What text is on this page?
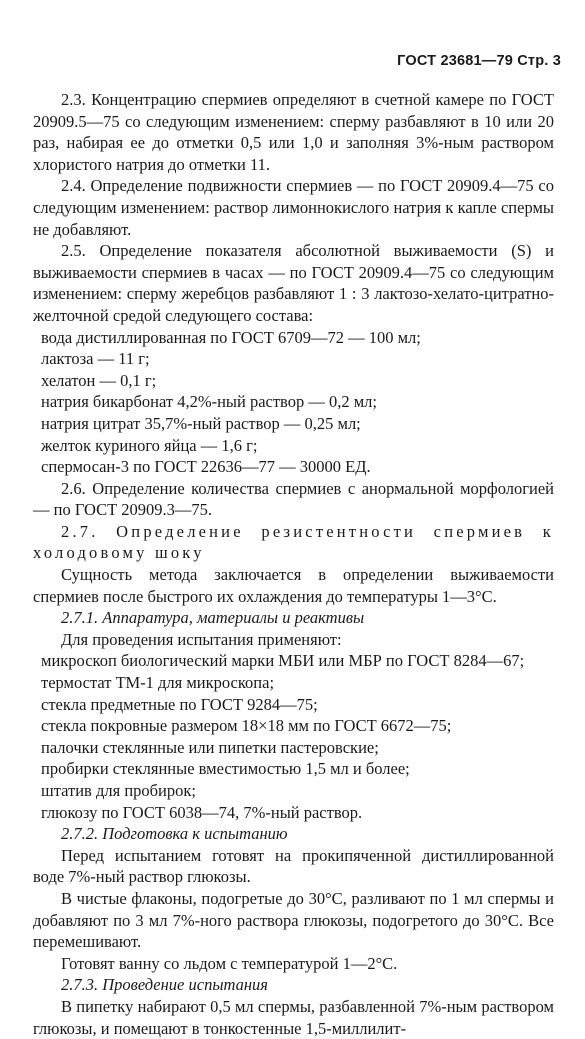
ГОСТ 23681—79 Стр. 3

2.3. Концентрацию спермиев определяют в счетной камере по ГОСТ 20909.5—75 со следующим изменением: сперму разбавляют в 10 или 20 раз, набирая ее до отметки 0,5 или 1,0 и заполняя 3%-ным раствором хлористого натрия до отметки 11.

2.4. Определение подвижности спермиев — по ГОСТ 20909.4—75 со следующим изменением: раствор лимоннокислого натрия к капле спермы не добавляют.

2.5. Определение показателя абсолютной выживаемости (S) и выживаемости спермиев в часах — по ГОСТ 20909.4—75 со следующим изменением: сперму жеребцов разбавляют 1 : 3 лактозо-хелато-цитратно-желточной средой следующего состава:

вода дистиллированная по ГОСТ 6709—72 — 100 мл;

лактоза — 11 г;

хелатон — 0,1 г;

натрия бикарбонат 4,2%-ный раствор — 0,2 мл;

натрия цитрат 35,7%-ный раствор — 0,25 мл;

желток куриного яйца — 1,6 г;

спермосан-3 по ГОСТ 22636—77 — 30000 ЕД.

2.6. Определение количества спермиев с анормальной морфологией — по ГОСТ 20909.3—75.

2.7. Определение резистентности спермиев к холодовому шоку

Сущность метода заключается в определении выживаемости спермиев после быстрого их охлаждения до температуры 1—3°С.

2.7.1. Аппаратура, материалы и реактивы

Для проведения испытания применяют:

микроскоп биологический марки МБИ или МБР по ГОСТ 8284—67;

термостат ТМ-1 для микроскопа;

стекла предметные по ГОСТ 9284—75;

стекла покровные размером 18×18 мм по ГОСТ 6672—75;

палочки стеклянные или пипетки пастеровские;

пробирки стеклянные вместимостью 1,5 мл и более;

штатив для пробирок;

глюкозу по ГОСТ 6038—74, 7%-ный раствор.

2.7.2. Подготовка к испытанию

Перед испытанием готовят на прокипяченной дистиллированной воде 7%-ный раствор глюкозы.

В чистые флаконы, подогретые до 30°С, разливают по 1 мл спермы и добавляют по 3 мл 7%-ного раствора глюкозы, подогретого до 30°С. Все перемешивают.

Готовят ванну со льдом с температурой 1—2°С.

2.7.3. Проведение испытания

В пипетку набирают 0,5 мл спермы, разбавленной 7%-ным раствором глюкозы, и помещают в тонкостенные 1,5-миллилит-
